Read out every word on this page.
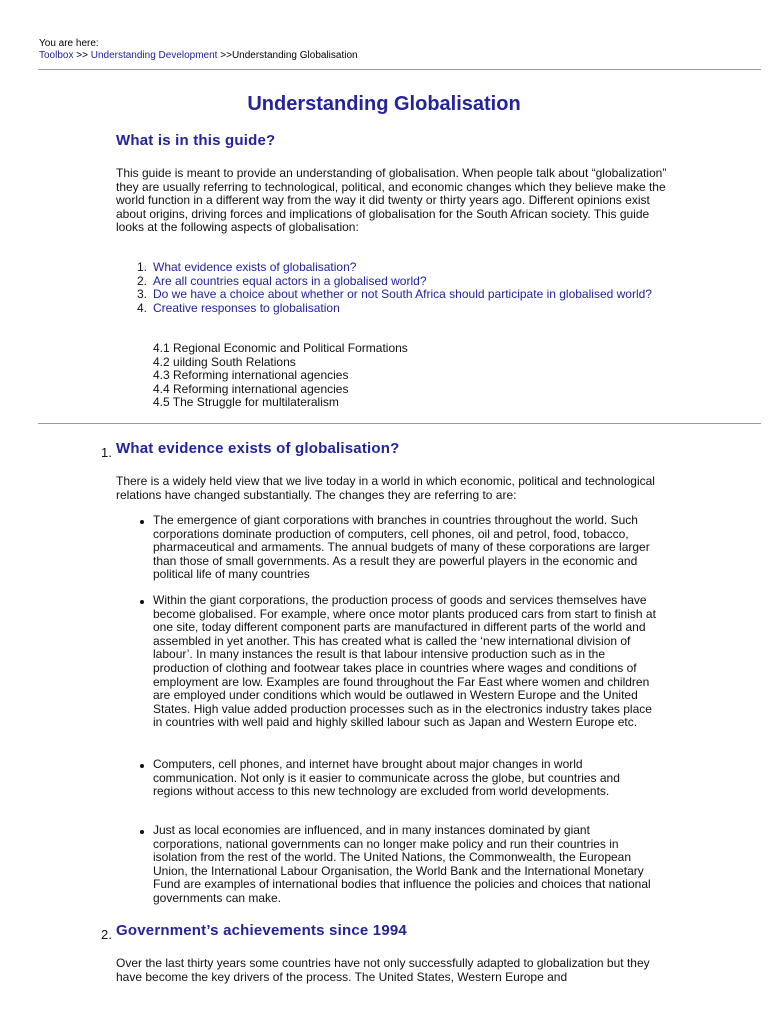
You are here:
Toolbox >> Understanding Development >>Understanding Globalisation
Understanding Globalisation
What is in this guide?

This guide is meant to provide an understanding of globalisation. When people talk about “globalization” they are usually referring to technological, political, and economic changes which they believe make the world function in a different way from the way it did twenty or thirty years ago. Different opinions exist about origins, driving forces and implications of globalisation for the South African society. This guide looks at the following aspects of globalisation:

1. What evidence exists of globalisation?
2. Are all countries equal actors in a globalised world?
3. Do we have a choice about whether or not South Africa should participate in globalised world?
4. Creative responses to globalisation
4.1 Regional Economic and Political Formations
4.2 uilding South Relations
4.3 Reforming international agencies
4.4 Reforming international agencies
4.5 The Struggle for multilateralism
1. What evidence exists of globalisation?

There is a widely held view that we live today in a world in which economic, political and technological relations have changed substantially. The changes they are referring to are:

The emergence of giant corporations with branches in countries throughout the world. Such corporations dominate production of computers, cell phones, oil and petrol, food, tobacco, pharmaceutical and armaments. The annual budgets of many of these corporations are larger than those of small governments. As a result they are powerful players in the economic and political life of many countries
Within the giant corporations, the production process of goods and services themselves have become globalised. For example, where once motor plants produced cars from start to finish at one site, today different component parts are manufactured in different parts of the world and assembled in yet another. This has created what is called the ‘new international division of labour’. In many instances the result is that labour intensive production such as in the production of clothing and footwear takes place in countries where wages and conditions of employment are low. Examples are found throughout the Far East where women and children are employed under conditions which would be outlawed in Western Europe and the United States. High value added production processes such as in the electronics industry takes place in countries with well paid and highly skilled labour such as Japan and Western Europe etc.
Computers, cell phones, and internet have brought about major changes in world communication. Not only is it easier to communicate across the globe, but countries and regions without access to this new technology are excluded from world developments.
Just as local economies are influenced, and in many instances dominated by giant corporations, national governments can no longer make policy and run their countries in isolation from the rest of the world. The United Nations, the Commonwealth, the European Union, the International Labour Organisation, the World Bank and the International Monetary Fund are examples of international bodies that influence the policies and choices that national governments can make.
2. Government’s achievements since 1994

Over the last thirty years some countries have not only successfully adapted to globalization but they have become the key drivers of the process. The United States, Western Europe and
